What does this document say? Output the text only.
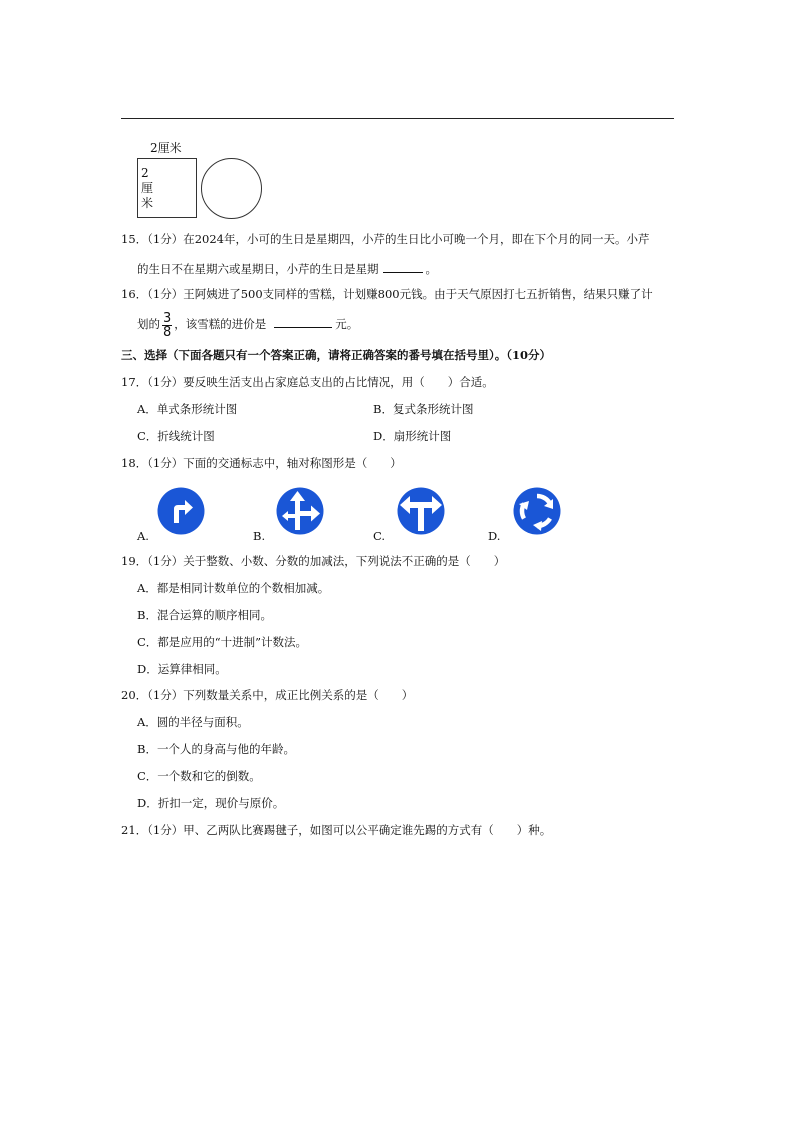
2厘米
2厘米
15．（1分）在2024年，小可的生日是星期四，小芹的生日比小可晚一个月，即在下个月的同一天。小芹
的生日不在星期六或星期日，小芹的生日是星期	。
16．（1分）王阿姨进了500支同样的雪糕，计划赚800元钱。由于天气原因打七五折销售，结果只赚了计
划的 $\frac{3}{8}$ ，该雪糕的进价是	元。
三、选择（下面各题只有一个答案正确，请将正确答案的番号填在括号里）。（10分）
17．（1分）要反映生活支出占家庭总支出的占比情况，用（　　）合适。
A．单式条形统计图	B．复式条形统计图
C．折线统计图	D．扇形统计图
18．（1分）下面的交通标志中，轴对称图形是（　　）
A.	B.	C.	D.
19．（1分）关于整数、小数、分数的加减法，下列说法不正确的是（　　）
A．都是相同计数单位的个数相加减。
B．混合运算的顺序相同。
C．都是应用的“十进制”计数法。
D．运算律相同。
20．（1分）下列数量关系中，成正比例关系的是（　　）
A．圆的半径与面积。
B．一个人的身高与他的年龄。
C．一个数和它的倒数。
D．折扣一定，现价与原价。
21．（1分）甲、乙两队比赛踢毽子，如图可以公平确定谁先踢的方式有（　　）种。
